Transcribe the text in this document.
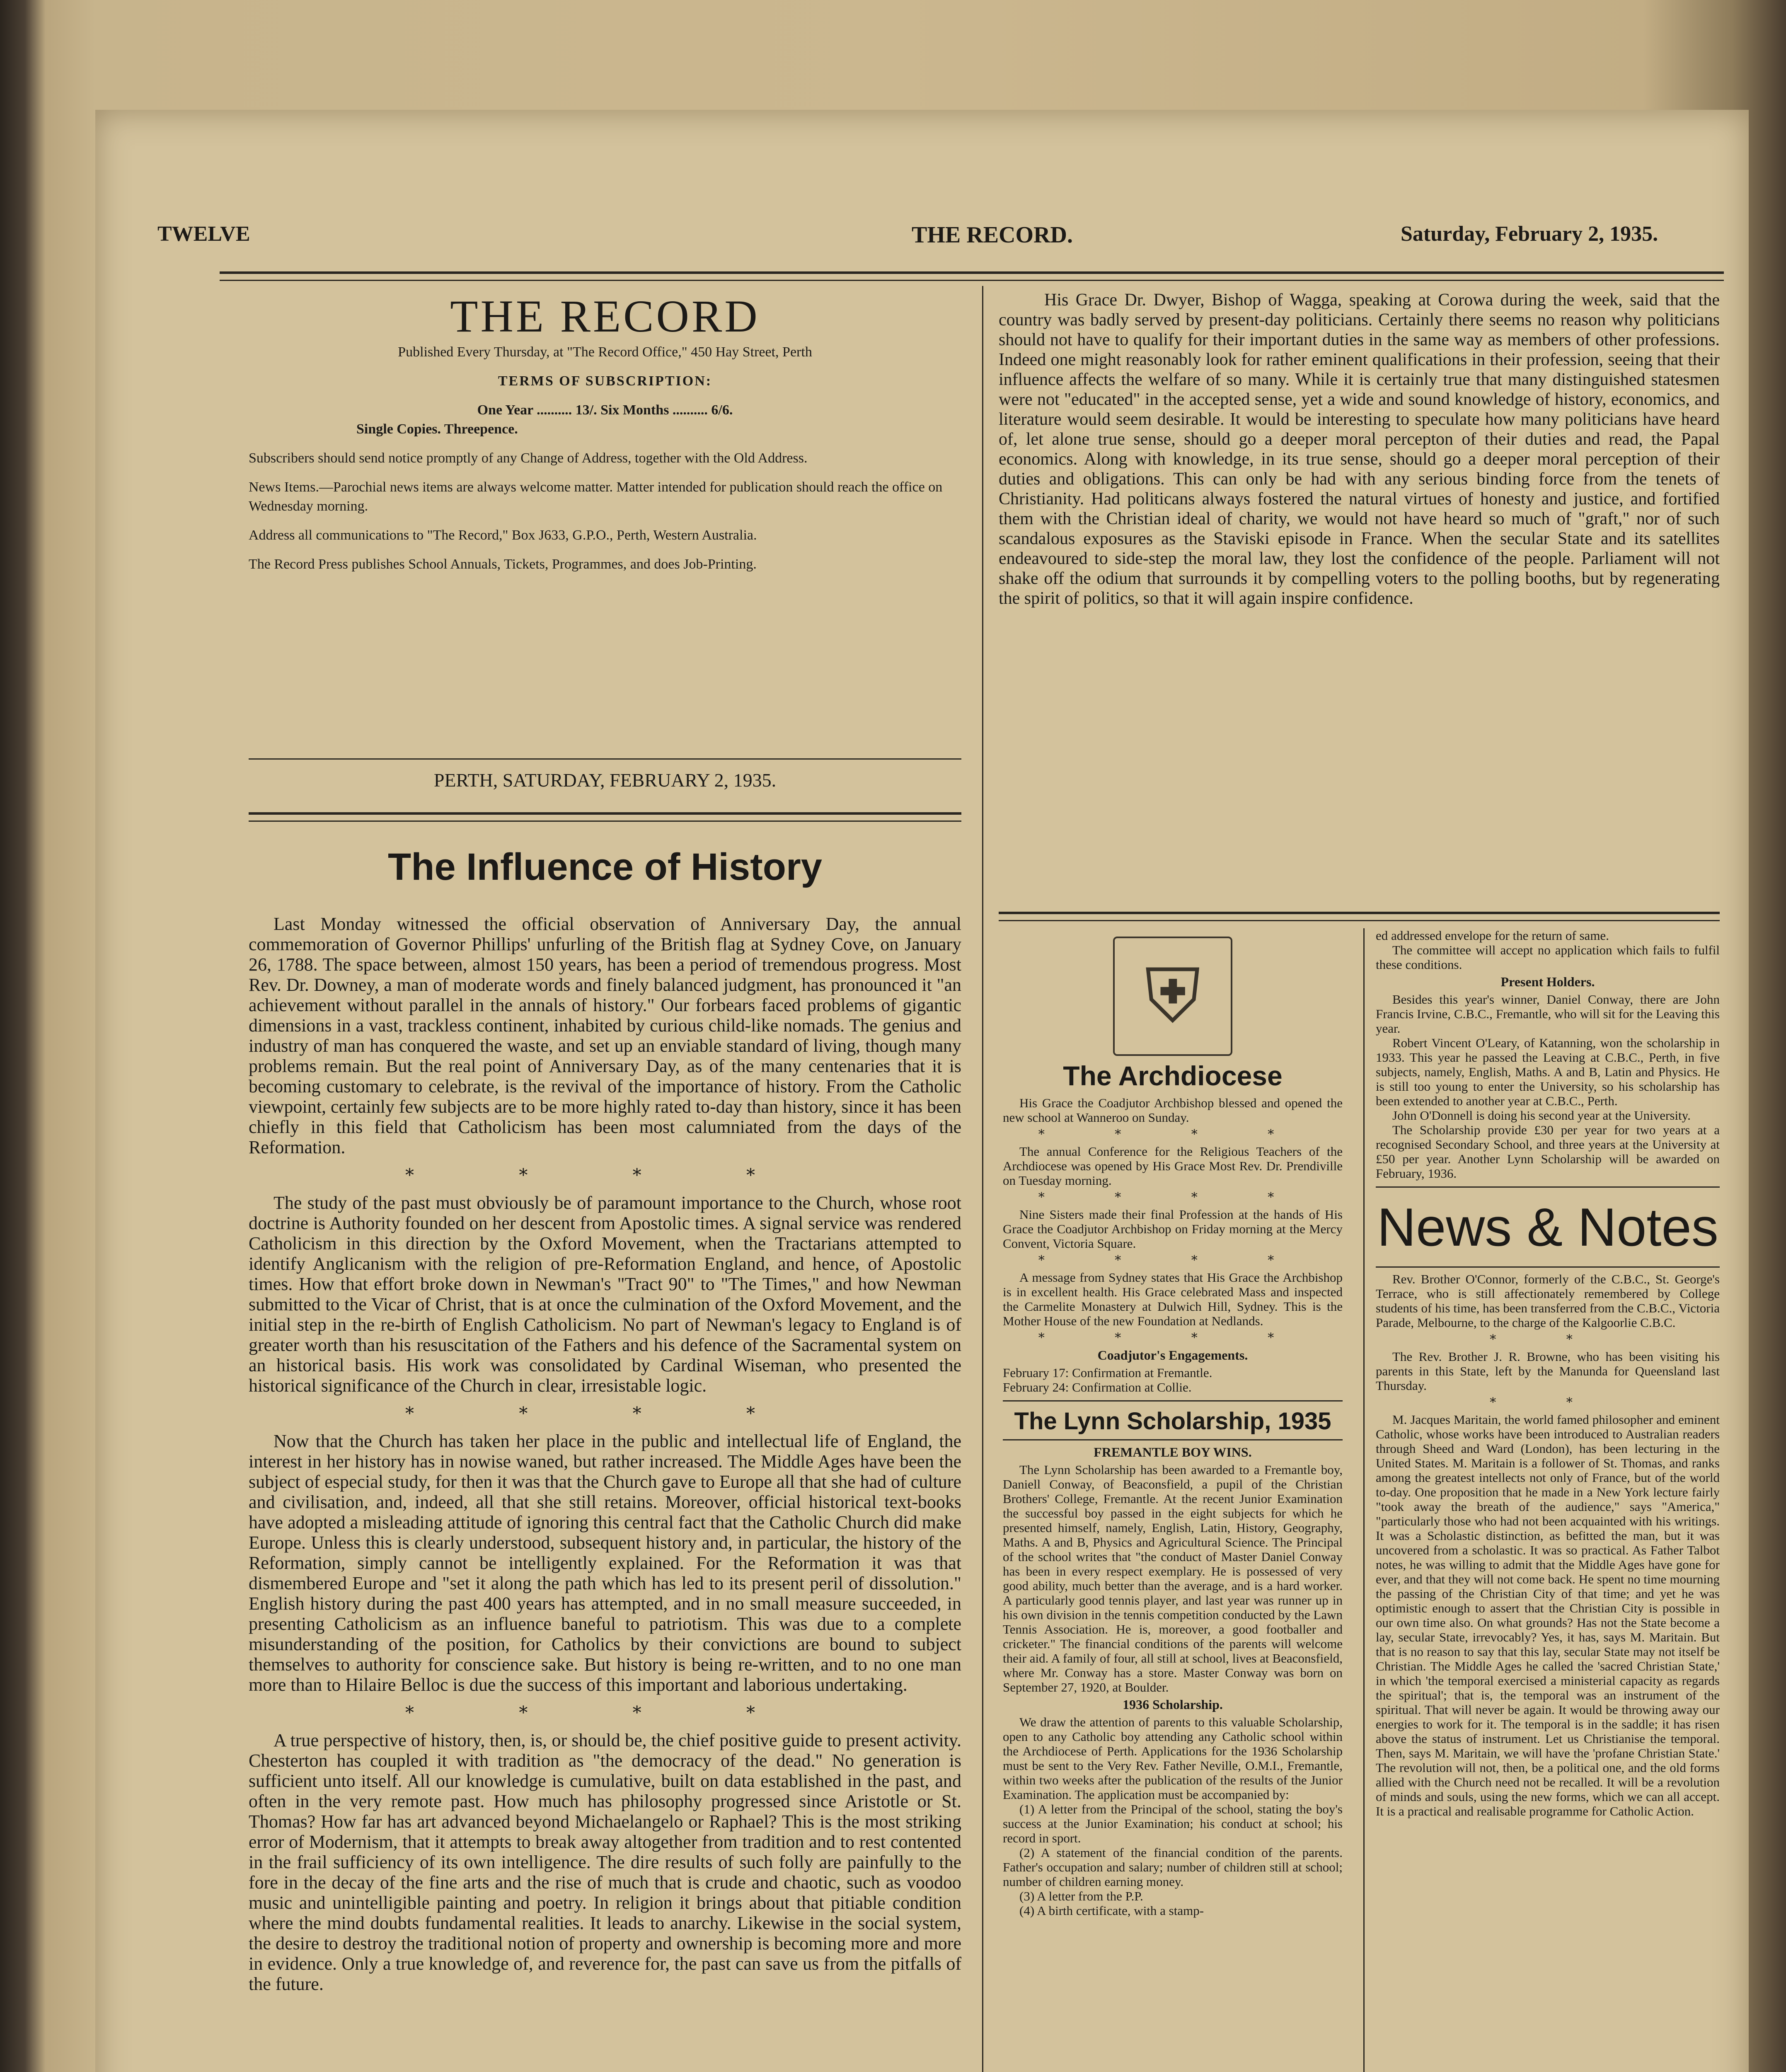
TWELVE	THE RECORD.	Saturday, February 2, 1935.

THE RECORD

Published Every Thursday, at "The Record Office," 450 Hay Street, Perth

TERMS OF SUBSCRIPTION:

One Year .......... 13/. Six Months .......... 6/6.

Single Copies. Threepence.

Subscribers should send notice promptly of any Change of Address, together with the Old Address.

News Items.—Parochial news items are always welcome matter. Matter intended for publication should reach the office on Wednesday morning.

Address all communications to "The Record," Box J633, G.P.O., Perth, Western Australia.

The Record Press publishes School Annuals, Tickets, Programmes, and does Job-Printing.

PERTH, SATURDAY, FEBRUARY 2, 1935.

The Influence of History

Last Monday witnessed the official observation of Anniversary Day, the annual commemoration of Governor Phillips' unfurling of the British flag at Sydney Cove, on January 26, 1788. The space between, almost 150 years, has been a period of tremendous progress. Most Rev. Dr. Downey, a man of moderate words and finely balanced judgment, has pronounced it "an achievement without parallel in the annals of history." Our forbears faced problems of gigantic dimensions in a vast, trackless continent, inhabited by curious child-like nomads. The genius and industry of man has conquered the waste, and set up an enviable standard of living, though many problems remain. But the real point of Anniversary Day, as of the many centenaries that it is becoming customary to celebrate, is the revival of the importance of history. From the Catholic viewpoint, certainly few subjects are to be more highly rated to-day than history, since it has been chiefly in this field that Catholicism has been most calumniated from the days of the Reformation.

* * * *

The study of the past must obviously be of paramount importance to the Church, whose root doctrine is Authority founded on her descent from Apostolic times. A signal service was rendered Catholicism in this direction by the Oxford Movement, when the Tractarians attempted to identify Anglicanism with the religion of pre-Reformation England, and hence, of Apostolic times. How that effort broke down in Newman's "Tract 90" to "The Times," and how Newman submitted to the Vicar of Christ, that is at once the culmination of the Oxford Movement, and the initial step in the re-birth of English Catholicism. No part of Newman's legacy to England is of greater worth than his resuscitation of the Fathers and his defence of the Sacramental system on an historical basis. His work was consolidated by Cardinal Wiseman, who presented the historical significance of the Church in clear, irresistable logic.

* * * *

Now that the Church has taken her place in the public and intellectual life of England, the interest in her history has in nowise waned, but rather increased. The Middle Ages have been the subject of especial study, for then it was that the Church gave to Europe all that she had of culture and civilisation, and, indeed, all that she still retains. Moreover, official historical text-books have adopted a misleading attitude of ignoring this central fact that the Catholic Church did make Europe. Unless this is clearly understood, subsequent history and, in particular, the history of the Reformation, simply cannot be intelligently explained. For the Reformation it was that dismembered Europe and "set it along the path which has led to its present peril of dissolution." English history during the past 400 years has attempted, and in no small measure succeeded, in presenting Catholicism as an influence baneful to patriotism. This was due to a complete misunderstanding of the position, for Catholics by their convictions are bound to subject themselves to authority for conscience sake. But history is being re-written, and to no one man more than to Hilaire Belloc is due the success of this important and laborious undertaking.

* * * *

A true perspective of history, then, is, or should be, the chief positive guide to present activity. Chesterton has coupled it with tradition as "the democracy of the dead." No generation is sufficient unto itself. All our knowledge is cumulative, built on data established in the past, and often in the very remote past. How much has philosophy progressed since Aristotle or St. Thomas? How far has art advanced beyond Michaelangelo or Raphael? This is the most striking error of Modernism, that it attempts to break away altogether from tradition and to rest contented in the frail sufficiency of its own intelligence. The dire results of such folly are painfully to the fore in the decay of the fine arts and the rise of much that is crude and chaotic, such as voodoo music and unintelligible painting and poetry. In religion it brings about that pitiable condition where the mind doubts fundamental realities. It leads to anarchy. Likewise in the social system, the desire to destroy the traditional notion of property and ownership is becoming more and more in evidence. Only a true knowledge of, and reverence for, the past can save us from the pitfalls of the future.

His Grace Dr. Dwyer, Bishop of Wagga, speaking at Corowa during the week, said that the country was badly served by present-day politicians. Certainly there seems no reason why politicians should not have to qualify for their important duties in the same way as members of other professions. Indeed one might reasonably look for rather eminent qualifications in their profession, seeing that their influence affects the welfare of so many. While it is certainly true that many distinguished statesmen were not "educated" in the accepted sense, yet a wide and sound knowledge of history, economics, and literature would seem desirable. It would be interesting to speculate how many politicians have heard of, let alone true sense, should go a deeper moral percepton of their duties and read, the Papal economics. Along with knowledge, in its true sense, should go a deeper moral perception of their duties and obligations. This can only be had with any serious binding force from the tenets of Christianity. Had politicans always fostered the natural virtues of honesty and justice, and fortified them with the Christian ideal of charity, we would not have heard so much of "graft," nor of such scandalous exposures as the Staviski episode in France. When the secular State and its satellites endeavoured to side-step the moral law, they lost the confidence of the people. Parliament will not shake off the odium that surrounds it by compelling voters to the polling booths, but by regenerating the spirit of politics, so that it will again inspire confidence.

⛨

The Archdiocese

His Grace the Coadjutor Archbishop blessed and opened the new school at Wanneroo on Sunday.

* * * *

The annual Conference for the Religious Teachers of the Archdiocese was opened by His Grace Most Rev. Dr. Prendiville on Tuesday morning.

* * * *

Nine Sisters made their final Profession at the hands of His Grace the Coadjutor Archbishop on Friday morning at the Mercy Convent, Victoria Square.

* * * *

A message from Sydney states that His Grace the Archbishop is in excellent health. His Grace celebrated Mass and inspected the Carmelite Monastery at Dulwich Hill, Sydney. This is the Mother House of the new Foundation at Nedlands.

* * * *

Coadjutor's Engagements.

February 17: Confirmation at Fremantle.

February 24: Confirmation at Collie.

The Lynn Scholarship, 1935

FREMANTLE BOY WINS.

The Lynn Scholarship has been awarded to a Fremantle boy, Daniell Conway, of Beaconsfield, a pupil of the Christian Brothers' College, Fremantle. At the recent Junior Examination the successful boy passed in the eight subjects for which he presented himself, namely, English, Latin, History, Geography, Maths. A and B, Physics and Agricultural Science. The Principal of the school writes that "the conduct of Master Daniel Conway has been in every respect exemplary. He is possessed of very good ability, much better than the average, and is a hard worker. A particularly good tennis player, and last year was runner up in his own division in the tennis competition conducted by the Lawn Tennis Association. He is, moreover, a good footballer and cricketer." The financial conditions of the parents will welcome their aid. A family of four, all still at school, lives at Beaconsfield, where Mr. Conway has a store. Master Conway was born on September 27, 1920, at Boulder.

1936 Scholarship.

We draw the attention of parents to this valuable Scholarship, open to any Catholic boy attending any Catholic school within the Archdiocese of Perth. Applications for the 1936 Scholarship must be sent to the Very Rev. Father Neville, O.M.I., Fremantle, within two weeks after the publication of the results of the Junior Examination. The application must be accompanied by:

(1) A letter from the Principal of the school, stating the boy's success at the Junior Examination; his conduct at school; his record in sport.

(2) A statement of the financial condition of the parents. Father's occupation and salary; number of children still at school; number of children earning money.

(3) A letter from the P.P.

(4) A birth certificate, with a stamp-

ed addressed envelope for the return of same.

The committee will accept no application which fails to fulfil these conditions.

Present Holders.

Besides this year's winner, Daniel Conway, there are John Francis Irvine, C.B.C., Fremantle, who will sit for the Leaving this year.

Robert Vincent O'Leary, of Katanning, won the scholarship in 1933. This year he passed the Leaving at C.B.C., Perth, in five subjects, namely, English, Maths. A and B, Latin and Physics. He is still too young to enter the University, so his scholarship has been extended to another year at C.B.C., Perth.

John O'Donnell is doing his second year at the University.

The Scholarship provide £30 per year for two years at a recognised Secondary School, and three years at the University at £50 per year. Another Lynn Scholarship will be awarded on February, 1936.

News & Notes

Rev. Brother O'Connor, formerly of the C.B.C., St. George's Terrace, who is still affectionately remembered by College students of his time, has been transferred from the C.B.C., Victoria Parade, Melbourne, to the charge of the Kalgoorlie C.B.C.

* *

The Rev. Brother J. R. Browne, who has been visiting his parents in this State, left by the Manunda for Queensland last Thursday.

* *

M. Jacques Maritain, the world famed philosopher and eminent Catholic, whose works have been introduced to Australian readers through Sheed and Ward (London), has been lecturing in the United States. M. Maritain is a follower of St. Thomas, and ranks among the greatest intellects not only of France, but of the world to-day. One proposition that he made in a New York lecture fairly "took away the breath of the audience," says "America," "particularly those who had not been acquainted with his writings. It was a Scholastic distinction, as befitted the man, but it was uncovered from a scholastic. It was so practical. As Father Talbot notes, he was willing to admit that the Middle Ages have gone for ever, and that they will not come back. He spent no time mourning the passing of the Christian City of that time; and yet he was optimistic enough to assert that the Christian City is possible in our own time also. On what grounds? Has not the State become a lay, secular State, irrevocably? Yes, it has, says M. Maritain. But that is no reason to say that this lay, secular State may not itself be Christian. The Middle Ages he called the 'sacred Christian State,' in which 'the temporal exercised a ministerial capacity as regards the spiritual'; that is, the temporal was an instrument of the spiritual. That will never be again. It would be throwing away our energies to work for it. The temporal is in the saddle; it has risen above the status of instrument. Let us Christianise the temporal. Then, says M. Maritain, we will have the 'profane Christian State.' The revolution will not, then, be a political one, and the old forms allied with the Church need not be recalled. It will be a revolution of minds and souls, using the new forms, which we can all accept. It is a practical and realisable programme for Catholic Action.
